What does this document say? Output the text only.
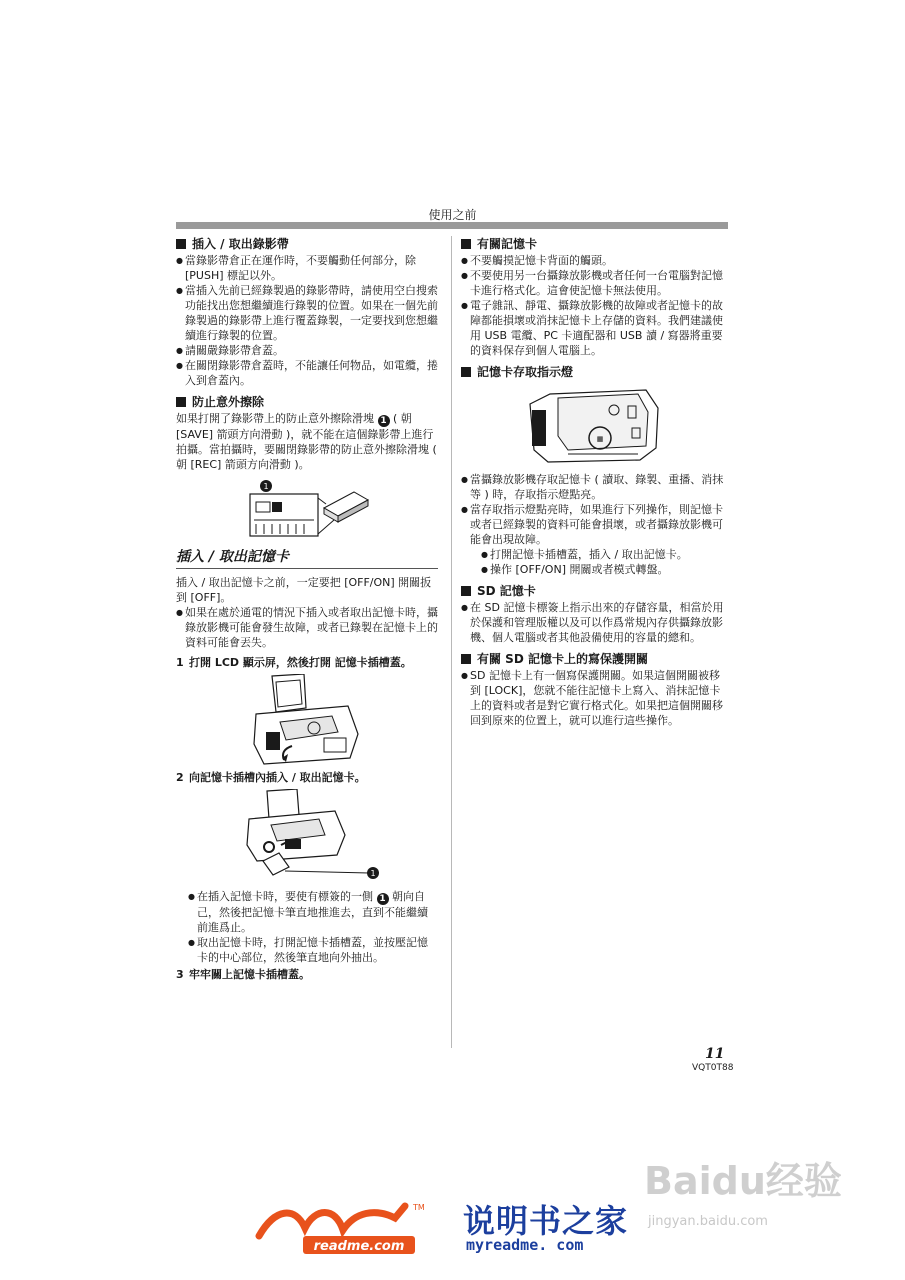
使用之前
插入 / 取出錄影帶

● 當錄影帶倉正在運作時，不要觸動任何部分，除 [PUSH] 標記以外。

● 當插入先前已經錄製過的錄影帶時，請使用空白搜索功能找出您想繼續進行錄製的位置。如果在一個先前錄製過的錄影帶上進行覆蓋錄製，一定要找到您想繼續進行錄製的位置。

● 請關嚴錄影帶倉蓋。

● 在關閉錄影帶倉蓋時，不能讓任何物品，如電纜，捲入到倉蓋內。

防止意外擦除

如果打開了錄影帶上的防止意外擦除滑塊 1 ( 朝 [SAVE] 箭頭方向滑動 )，就不能在這個錄影帶上進行拍攝。當拍攝時，要關閉錄影帶的防止意外擦除滑塊 ( 朝 [REC] 箭頭方向滑動 )。

1
插入 / 取出記憶卡

插入 / 取出記憶卡之前，一定要把 [OFF/ON] 開關扳到 [OFF]。

● 如果在處於通電的情況下插入或者取出記憶卡時，攝錄放影機可能會發生故障，或者已錄製在記憶卡上的資料可能會丟失。

1 打開 LCD 顯示屏，然後打開 記憶卡插槽蓋。
2 向記憶卡插槽內插入 / 取出記憶卡。
1

● 在插入記憶卡時，要使有標簽的一側 1 朝向自己，然後把記憶卡筆直地推進去，直到不能繼續前進爲止。

● 取出記憶卡時，打開記憶卡插槽蓋，並按壓記憶卡的中心部位，然後筆直地向外抽出。

3 牢牢關上記憶卡插槽蓋。
有關記憶卡

● 不要觸摸記憶卡背面的觸頭。

● 不要使用另一台攝錄放影機或者任何一台電腦對記憶卡進行格式化。這會使記憶卡無法使用。

● 電子雜訊、靜電、攝錄放影機的故障或者記憶卡的故障都能損壞或消抹記憶卡上存儲的資料。我們建議使用 USB 電纜、PC 卡適配器和 USB 讀 / 寫器將重要的資料保存到個人電腦上。

記憶卡存取指示燈
▦

● 當攝錄放影機存取記憶卡 ( 讀取、錄製、重播、消抹等 ) 時，存取指示燈點亮。

● 當存取指示燈點亮時，如果進行下列操作，則記憶卡或者已經錄製的資料可能會損壞，或者攝錄放影機可能會出現故障。

● 打開記憶卡插槽蓋，插入 / 取出記憶卡。

● 操作 [OFF/ON] 開關或者模式轉盤。

SD 記憶卡

● 在 SD 記憶卡標簽上指示出來的存儲容量，相當於用於保護和管理版權以及可以作爲常規內存供攝錄放影機、個人電腦或者其他設備使用的容量的總和。

有關 SD 記憶卡上的寫保護開關

● SD 記憶卡上有一個寫保護開關。如果這個開關被移到 [LOCK]，您就不能往記憶卡上寫入、消抹記憶卡上的資料或者是對它實行格式化。如果把這個開關移回到原來的位置上，就可以進行這些操作。

11
VQT0T88
Baidu经验
jingyan.baidu.com
TM
readme.com
说明书之家
myreadme. com
